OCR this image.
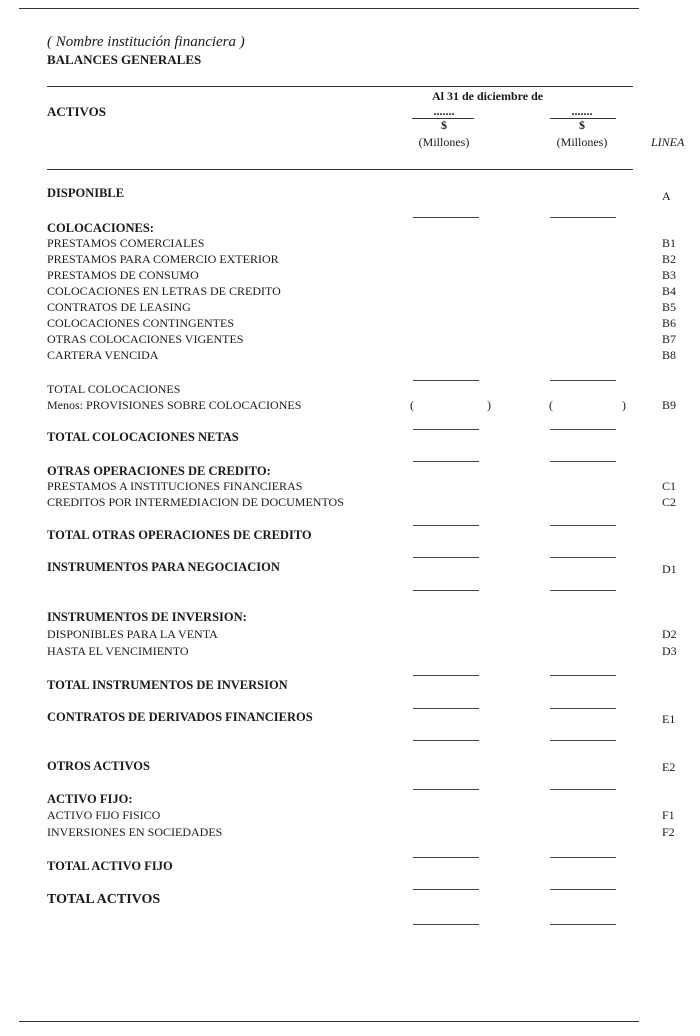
( Nombre institución financiera )
BALANCES GENERALES
ACTIVOS
Al 31 de diciembre de
.......
$
(Millones)
.......
$
(Millones)	LINEA
DISPONIBLE	A
COLOCACIONES:
PRESTAMOS COMERCIALES	B1
PRESTAMOS PARA COMERCIO EXTERIOR	B2
PRESTAMOS DE CONSUMO	B3
COLOCACIONES EN LETRAS DE CREDITO	B4
CONTRATOS DE LEASING	B5
COLOCACIONES CONTINGENTES	B6
OTRAS COLOCACIONES VIGENTES	B7
CARTERA VENCIDA	B8
TOTAL COLOCACIONES
Menos: PROVISIONES SOBRE COLOCACIONES	(	)	(	)	B9
TOTAL COLOCACIONES NETAS
OTRAS OPERACIONES DE CREDITO:
PRESTAMOS A INSTITUCIONES FINANCIERAS	C1
CREDITOS POR INTERMEDIACION DE DOCUMENTOS	C2
TOTAL OTRAS OPERACIONES DE CREDITO
INSTRUMENTOS PARA NEGOCIACION	D1
INSTRUMENTOS DE INVERSION:
DISPONIBLES PARA LA VENTA	D2
HASTA EL VENCIMIENTO	D3
TOTAL INSTRUMENTOS DE INVERSION
CONTRATOS DE DERIVADOS FINANCIEROS	E1
OTROS ACTIVOS	E2
ACTIVO FIJO:
ACTIVO FIJO FISICO	F1
INVERSIONES EN SOCIEDADES	F2
TOTAL ACTIVO FIJO
TOTAL ACTIVOS
